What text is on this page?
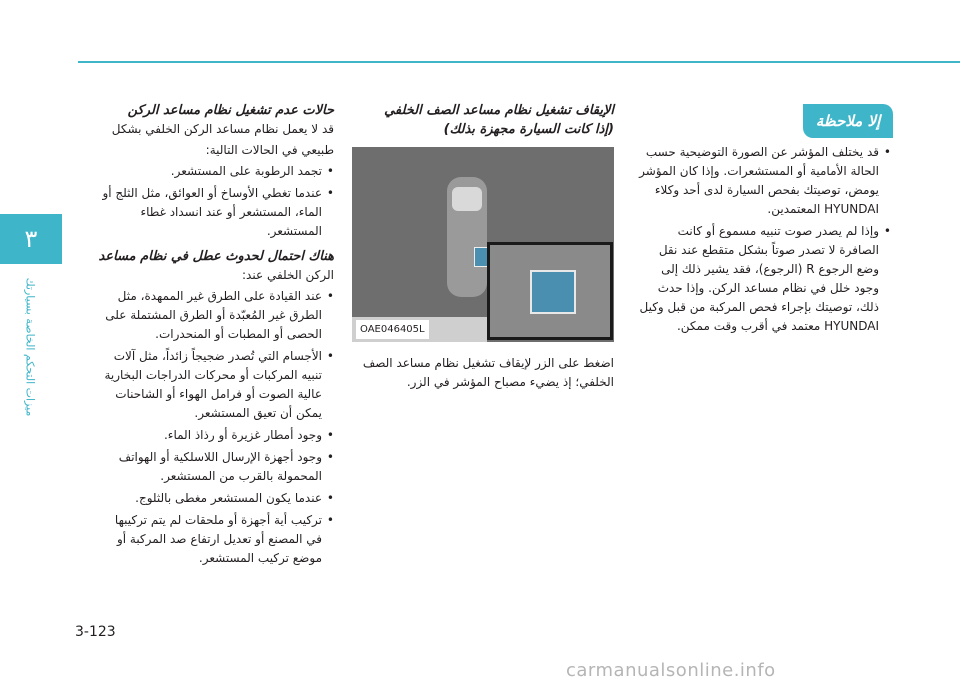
٣
ميزات التحكم الخاصة بسيارتك
إلا ملاحظة
• قد يختلف المؤشر عن الصورة التوضيحية حسب الحالة الأمامية أو المستشعرات. وإذا كان المؤشر يومض، توصيتك بفحص السيارة لدى أحد وكلاء HYUNDAI المعتمدين.
• وإذا لم يصدر صوت تنبيه مسموع أو كانت الصافرة لا تصدر صوتاً بشكل متقطع عند نقل وضع الرجوع R (الرجوع)، فقد يشير ذلك إلى وجود خلل في نظام مساعد الركن. وإذا حدث ذلك، توصيتك بإجراء فحص المركبة من قبل وكيل HYUNDAI معتمد في أقرب وقت ممكن.

الإيقاف تشغيل نظام مساعد الصف الخلفي

(إذا كانت السيارة مجهزة بذلك)

OAE046405L

اضغط على الزر لإيقاف تشغيل نظام مساعد الصف الخلفي؛ إذ يضيء مصباح المؤشر في الزر.

حالات عدم تشغيل نظام مساعد الركن

قد لا يعمل نظام مساعد الركن الخلفي بشكل

طبيعي في الحالات التالية:

• تجمد الرطوبة على المستشعر.
• عندما تغطي الأوساخ أو العوائق، مثل الثلج أو الماء، المستشعر أو عند انسداد غطاء المستشعر.

هناك احتمال لحدوث عطل في نظام مساعد

الركن الخلفي عند:

• عند القيادة على الطرق غير الممهدة، مثل الطرق غير المُعبّدة أو الطرق المشتملة على الحصى أو المطبات أو المنحدرات.
• الأجسام التي تُصدر ضجيجاً زائداً، مثل آلات تنبيه المركبات أو محركات الدراجات البخارية عالية الصوت أو فرامل الهواء أو الشاحنات يمكن أن تعيق المستشعر.
• وجود أمطار غزيرة أو رذاذ الماء.
• وجود أجهزة الإرسال اللاسلكية أو الهواتف المحمولة بالقرب من المستشعر.
• عندما يكون المستشعر مغطى بالثلوج.
• تركيب أية أجهزة أو ملحقات لم يتم تركيبها في المصنع أو تعديل ارتفاع صد المركبة أو موضع تركيب المستشعر.
3-123
carmanualsonline.info
